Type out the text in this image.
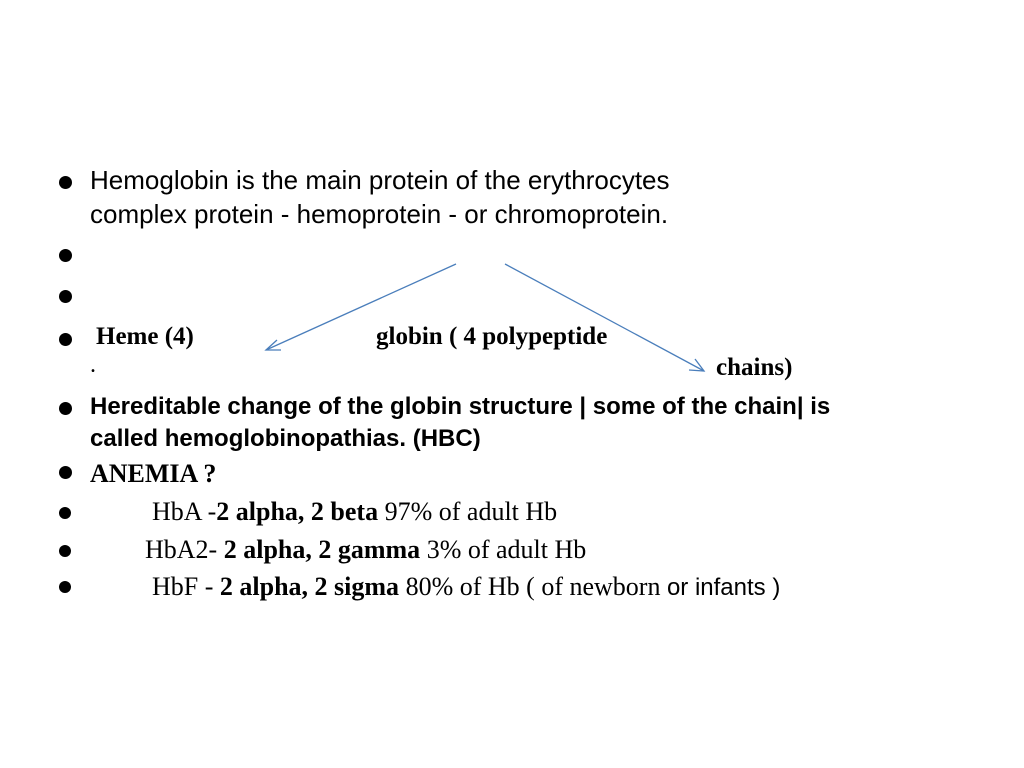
Hemoglobin is the main protein of the erythrocytes
complex protein - hemoprotein - or chromoprotein.
Heme (4)	globin ( 4 polypeptide
.	chains)
Hereditable change of the globin structure | some of the chain| is
called hemoglobinopathias. (HBC)
ANEMIA ?
HbA -2 alpha, 2 beta 97% of adult Hb
HbA2- 2 alpha, 2 gamma 3% of adult Hb
HbF - 2 alpha, 2 sigma 80% of Hb ( of newborn or infants )
